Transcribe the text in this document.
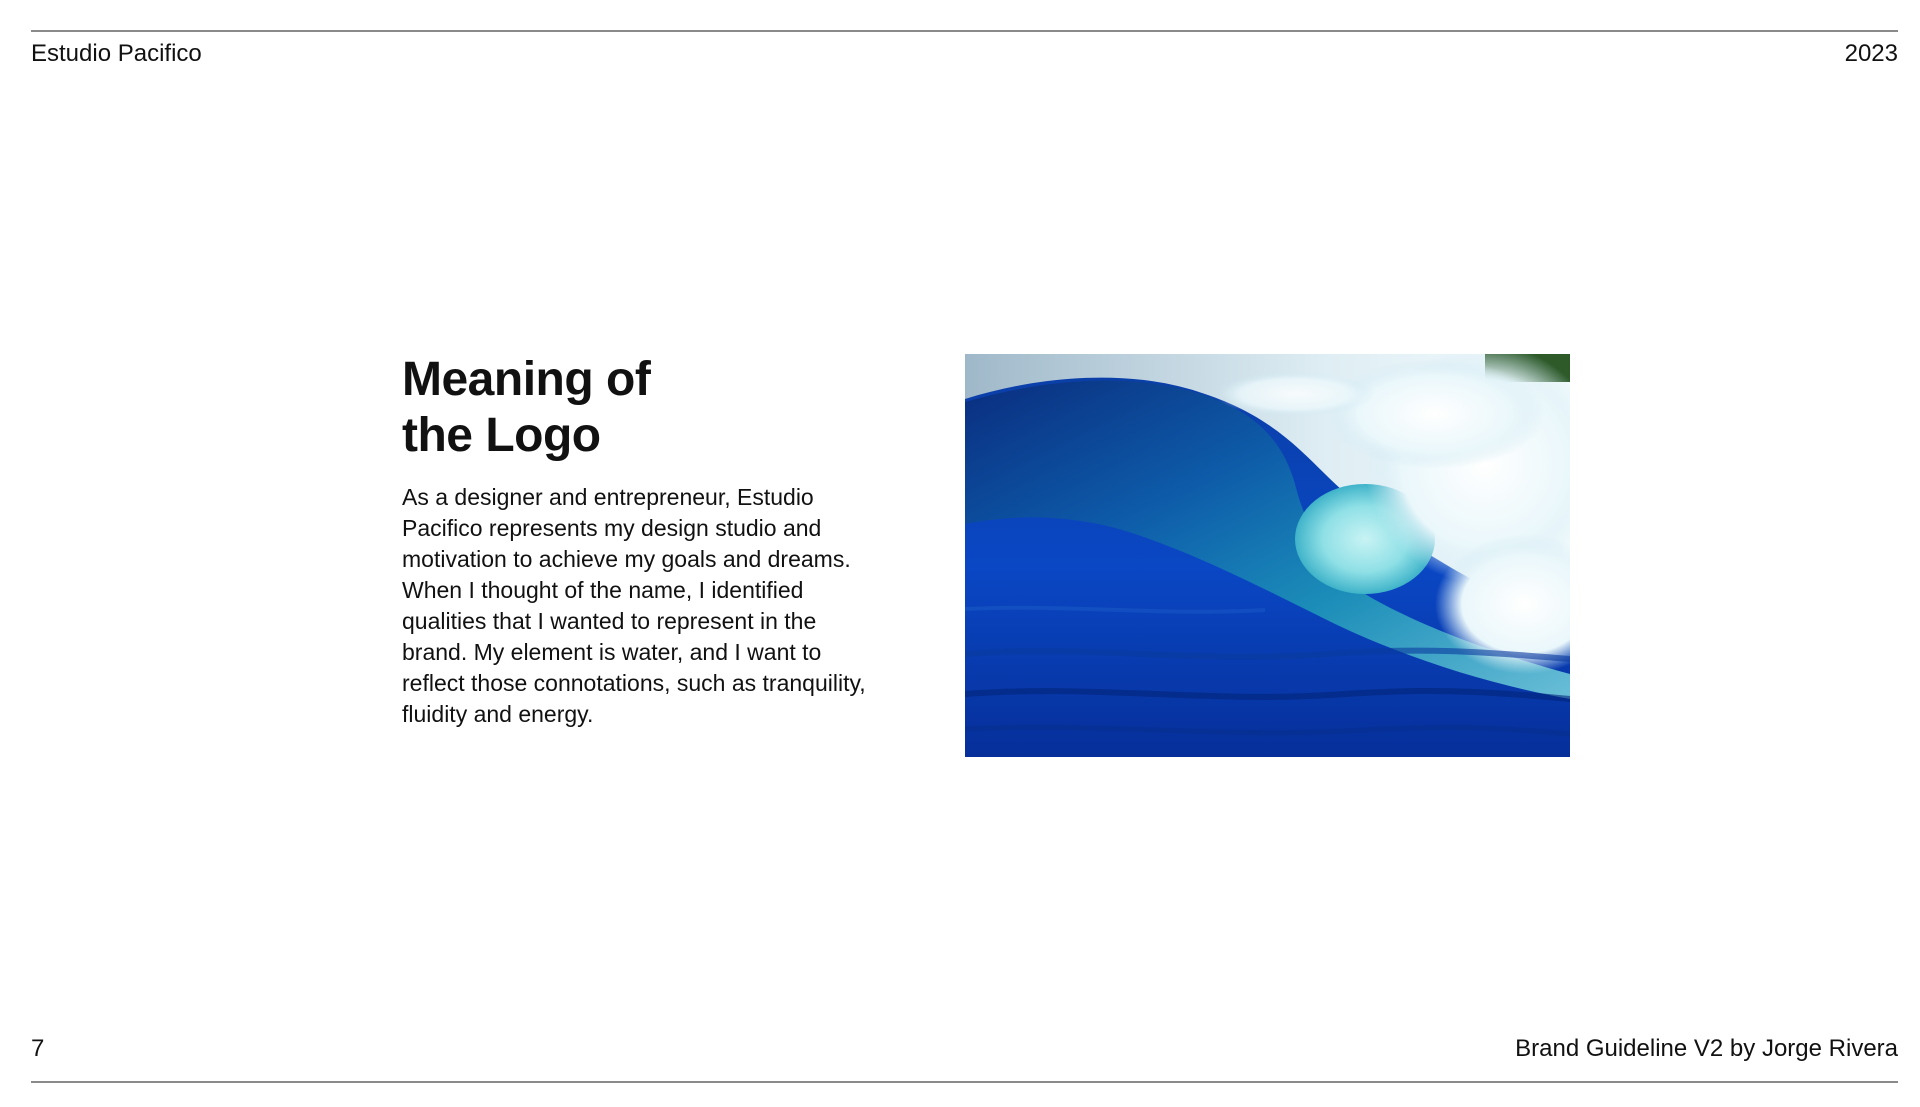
Estudio Pacifico	2023
Meaning of
the Logo

As a designer and entrepreneur, Estudio Pacifico represents my design studio and motivation to achieve my goals and dreams. When I thought of the name, I identified qualities that I wanted to represent in the brand. My element is water, and I want to reflect those connotations, such as tranquility, fluidity and energy.

7	Brand Guideline V2 by Jorge Rivera
